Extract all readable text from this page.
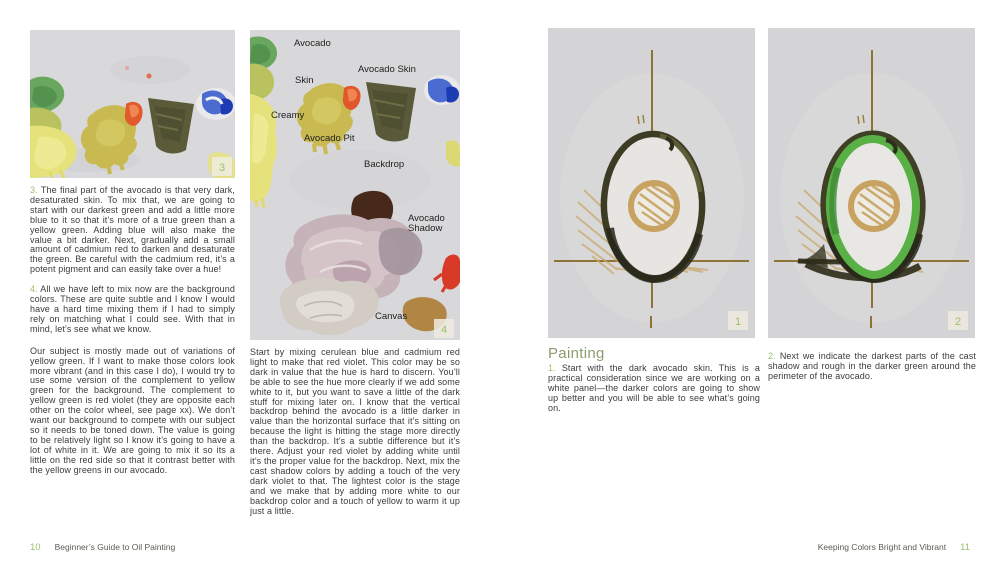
3
4
Avocado
Avocado Skin
Skin
Creamy
Avocado Pit
Backdrop
Avocado Shadow
Canvas

3. The final part of the avocado is that very dark, desaturated skin. To mix that, we are going to start with our darkest green and add a little more blue to it so that it’s more of a true green than a yellow green. Adding blue will also make the value a bit darker. Next, gradually add a small amount of cadmium red to darken and desaturate the green. Be careful with the cadmium red, it’s a potent pigment and can easily take over a hue!

4. All we have left to mix now are the background colors. These are quite subtle and I know I would have a hard time mixing them if I had to simply rely on matching what I could see. With that in mind, let’s see what we know.

Our subject is mostly made out of variations of yellow green. If I want to make those colors look more vibrant (and in this case I do), I would try to use some version of the complement to yellow green for the background. The complement to yellow green is red violet (they are opposite each other on the color wheel, see page xx). We don’t want our background to compete with our subject so it needs to be toned down. The value is going to be relatively light so I know it’s going to have a lot of white in it. We are going to mix it so its a little on the red side so that it contrast better with the yellow greens in our avocado.

Start by mixing cerulean blue and cadmium red light to make that red violet. This color may be so dark in value that the hue is hard to discern. You’ll be able to see the hue more clearly if we add some white to it, but you want to save a little of the dark stuff for mixing later on. I know that the vertical backdrop behind the avocado is a little darker in value than the horizontal surface that it’s sitting on because the light is hitting the stage more directly than the backdrop. It’s a subtle difference but it’s there. Adjust your red violet by adding white until it’s the proper value for the backdrop. Next, mix the cast shadow colors by adding a touch of the very dark violet to that. The lightest color is the stage and we make that by adding more white to our backdrop color and a touch of yellow to warm it up just a little.

1	2
Painting

1. Start with the dark avocado skin. This is a practical consideration since we are working on a white panel—the darker colors are going to show up better and you will be able to see what’s going on.

2. Next we indicate the darkest parts of the cast shadow and rough in the darker green around the perimeter of the avocado.

10 Beginner’s Guide to Oil Painting	Keeping Colors Bright and Vibrant 11
